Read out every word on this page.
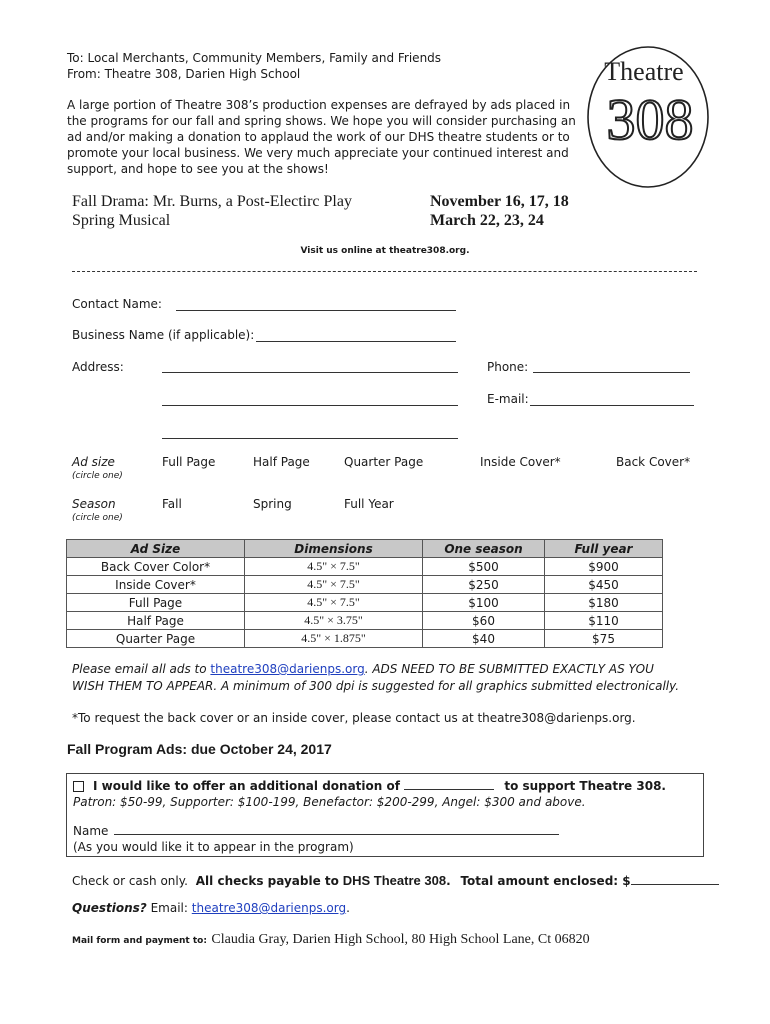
To: Local Merchants, Community Members, Family and Friends
From: Theatre 308, Darien High School
A large portion of Theatre 308’s production expenses are defrayed by ads placed in the programs for our fall and spring shows. We hope you will consider purchasing an ad and/or making a donation to applaud the work of our DHS theatre students or to promote your local business. We very much appreciate your continued interest and support, and hope to see you at the shows!
Theatre
308
Fall Drama: Mr. Burns, a Post-Electirc Play	November 16, 17, 18
Spring Musical	March 22, 23, 24
Visit us online at theatre308.org.
Contact Name:
Business Name (if applicable):
Address:	Phone:
E-mail:
Ad size
(circle one)
Full Page	Half Page	Quarter Page	Inside Cover*	Back Cover*
Season
(circle one)
Fall	Spring	Full Year
Ad Size	Dimensions	One season	Full year
Back Cover Color*	4.5" × 7.5"	$500	$900
Inside Cover*	4.5" × 7.5"	$250	$450
Full Page	4.5" × 7.5"	$100	$180
Half Page	4.5" × 3.75"	$60	$110
Quarter Page	4.5" × 1.875"	$40	$75
Please email all ads to theatre308@darienps.org. ADS NEED TO BE SUBMITTED EXACTLY AS YOU WISH THEM TO APPEAR. A minimum of 300 dpi is suggested for all graphics submitted electronically.
*To request the back cover or an inside cover, please contact us at theatre308@darienps.org.
Fall Program Ads: due October 24, 2017
I would like to offer an additional donation of	to support Theatre 308.
Patron: $50-99, Supporter: $100-199, Benefactor: $200-299, Angel: $300 and above.
Name
(As you would like it to appear in the program)
Check or cash only. All checks payable to DHS Theatre 308. Total amount enclosed: $
Questions? Email: theatre308@darienps.org.
Mail form and payment to: Claudia Gray, Darien High School, 80 High School Lane, Ct 06820
